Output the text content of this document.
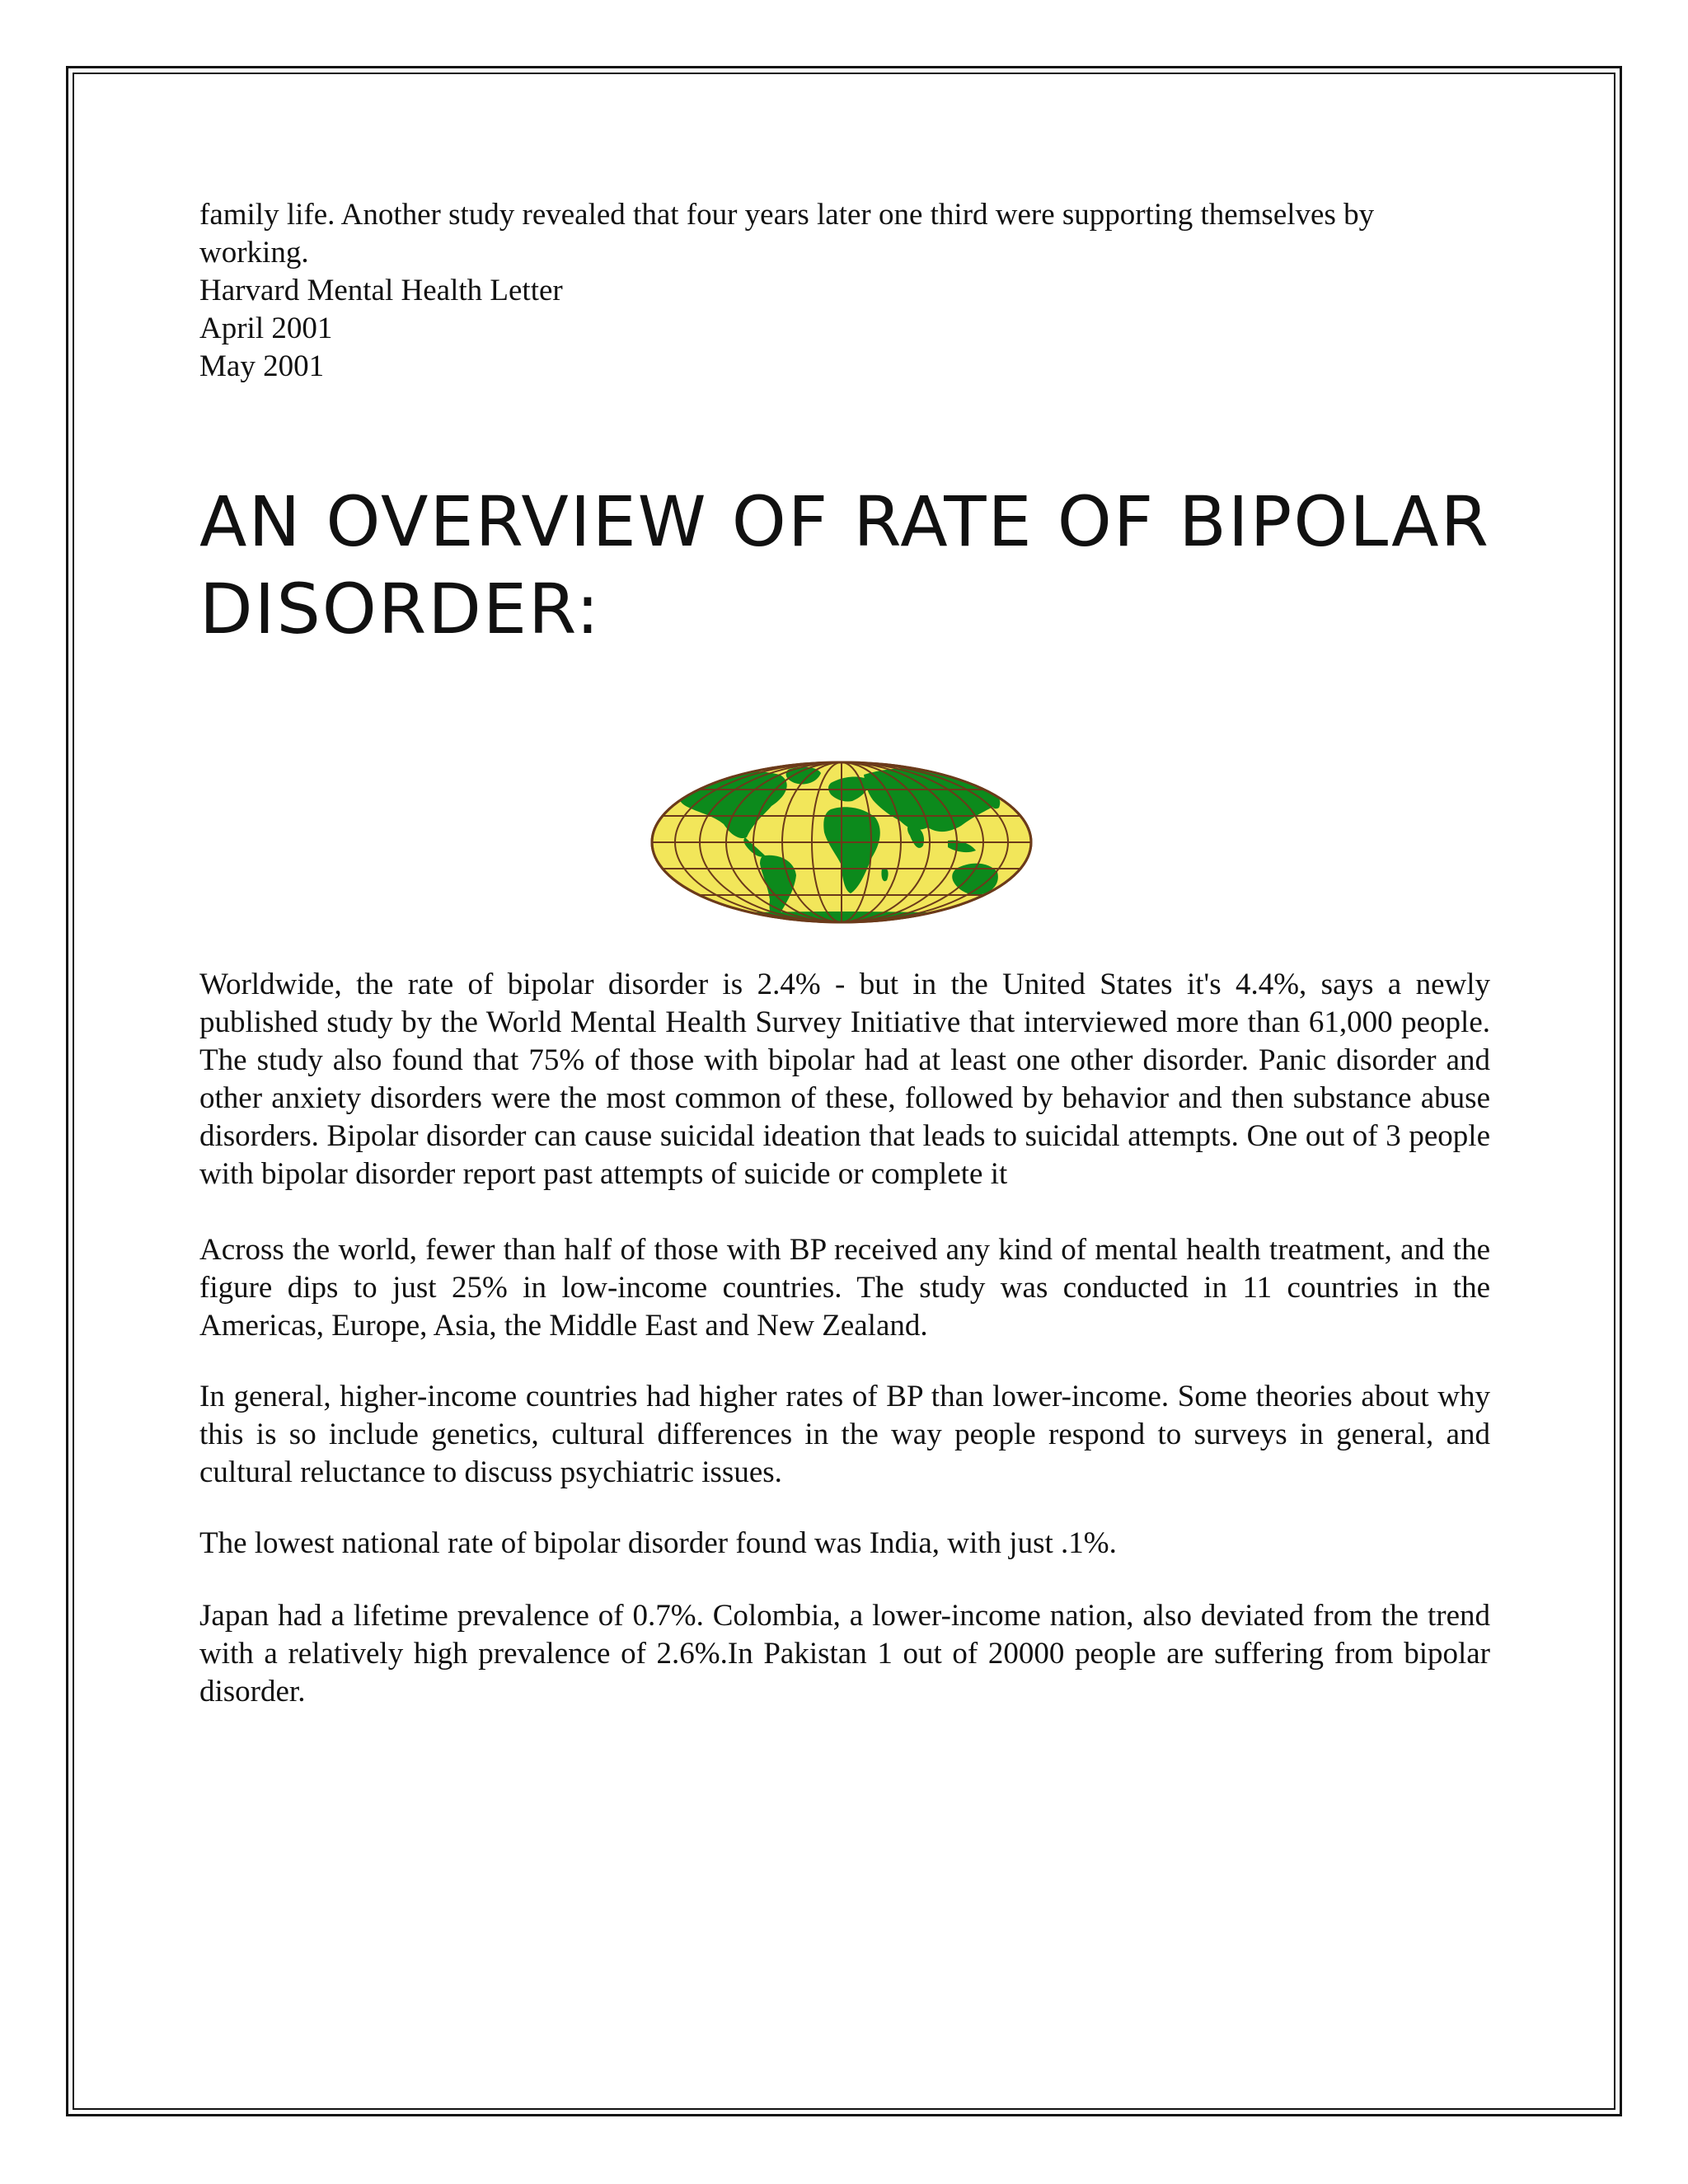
family life. Another study revealed that four years later one third were supporting themselves by working.

Harvard Mental Health Letter

April 2001

May 2001

AN OVERVIEW OF RATE OF BIPOLAR DISORDER:

Worldwide, the rate of bipolar disorder is 2.4% - but in the United States it's 4.4%, says a newly published study by the World Mental Health Survey Initiative that interviewed more than 61,000 people. The study also found that 75% of those with bipolar had at least one other disorder. Panic disorder and other anxiety disorders were the most common of these, followed by behavior and then substance abuse disorders. Bipolar disorder can cause suicidal ideation that leads to suicidal attempts. One out of 3 people with bipolar disorder report past attempts of suicide or complete it

Across the world, fewer than half of those with BP received any kind of mental health treatment, and the figure dips to just 25% in low-income countries. The study was conducted in 11 countries in the Americas, Europe, Asia, the Middle East and New Zealand.

In general, higher-income countries had higher rates of BP than lower-income. Some theories about why this is so include genetics, cultural differences in the way people respond to surveys in general, and cultural reluctance to discuss psychiatric issues.

The lowest national rate of bipolar disorder found was India, with just .1%.

Japan had a lifetime prevalence of 0.7%. Colombia, a lower-income nation, also deviated from the trend with a relatively high prevalence of 2.6%.In Pakistan 1 out of 20000 people are suffering from bipolar disorder.
